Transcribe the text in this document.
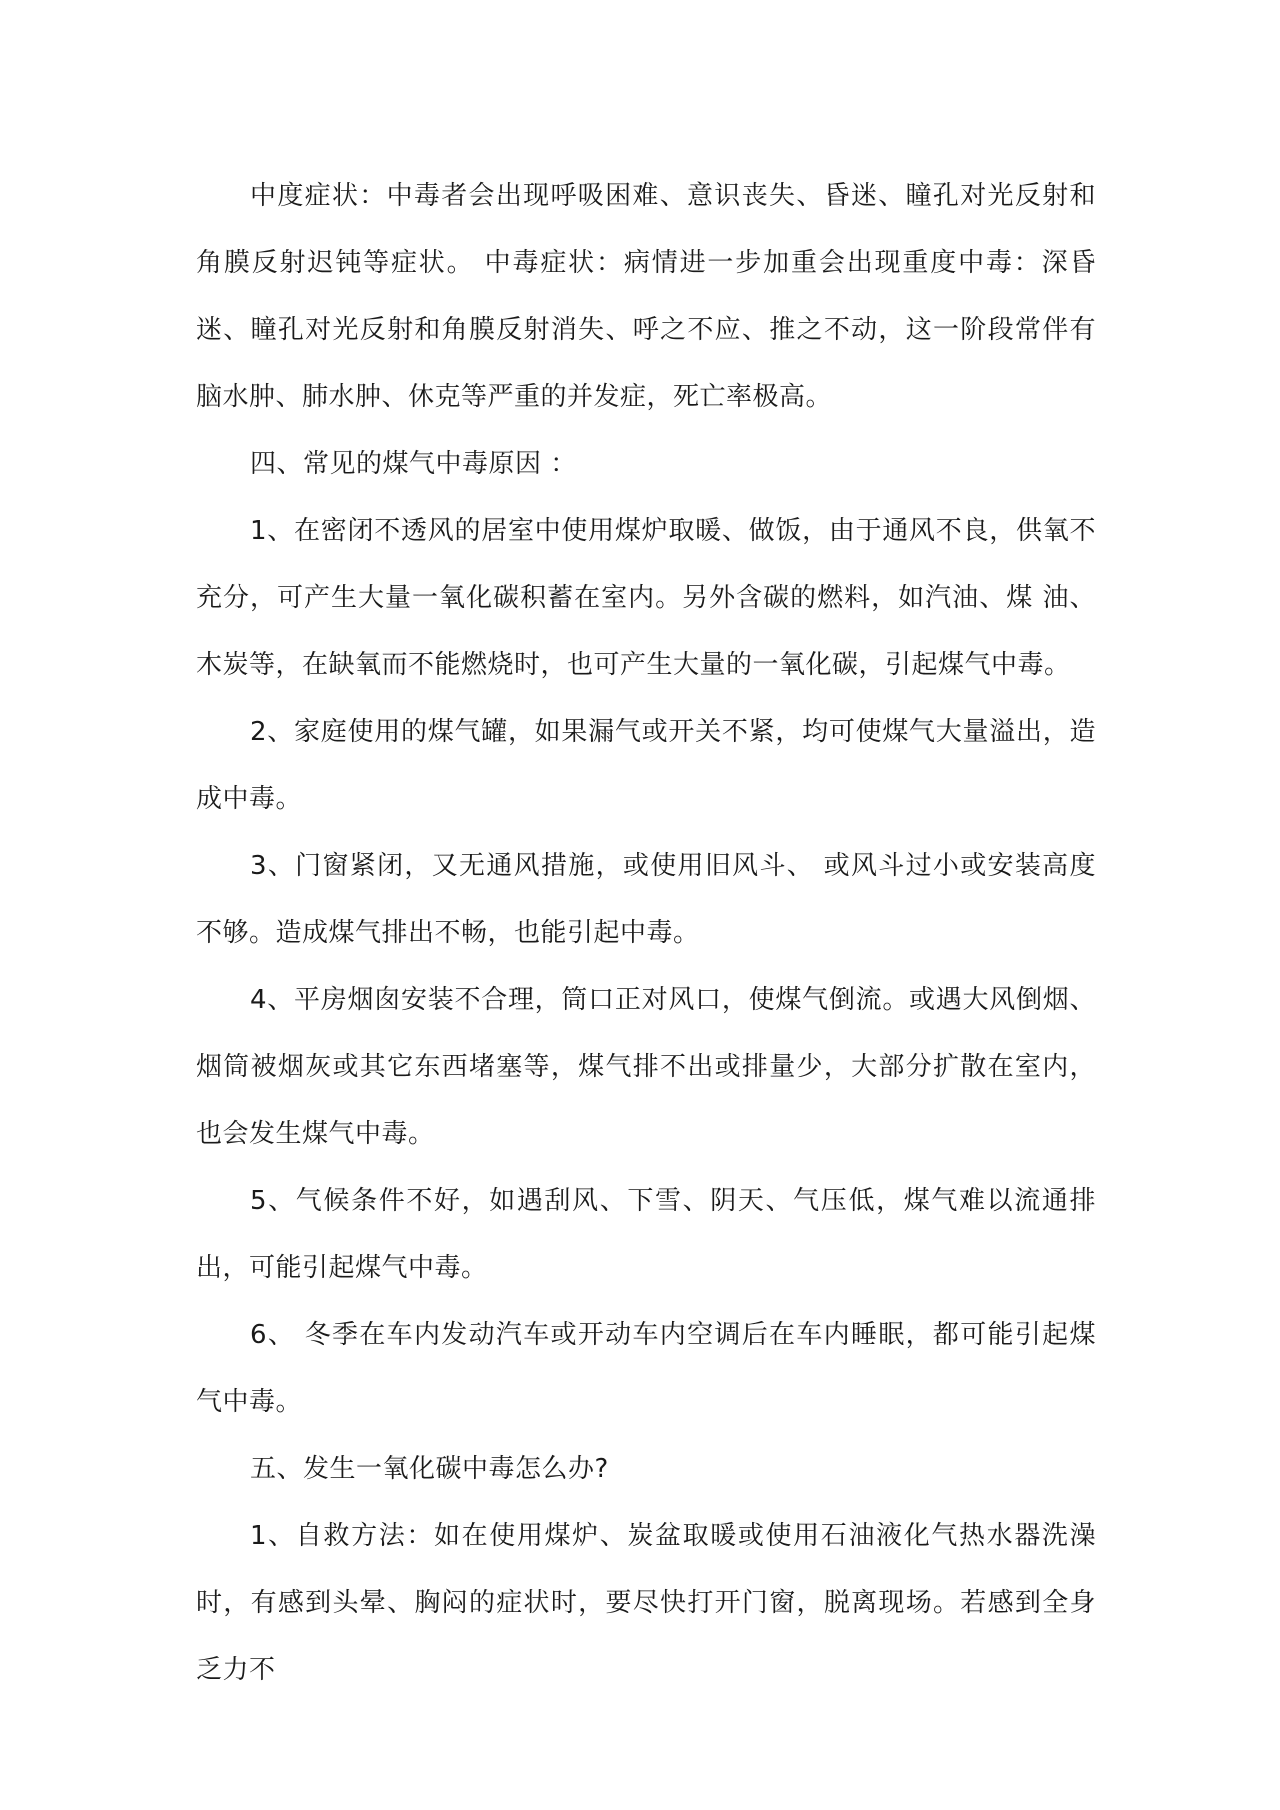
中度症状：中毒者会出现呼吸困难、意识丧失、昏迷、瞳孔对光反射和角膜反射迟钝等症状。 中毒症状：病情进一步加重会出现重度中毒：深昏迷、瞳孔对光反射和角膜反射消失、呼之不应、推之不动，这一阶段常伴有脑水肿、肺水肿、休克等严重的并发症，死亡率极高。

四、常见的煤气中毒原因 ：

1、在密闭不透风的居室中使用煤炉取暖、做饭，由于通风不良，供氧不充分，可产生大量一氧化碳积蓄在室内。另外含碳的燃料，如汽油、煤 油、木炭等，在缺氧而不能燃烧时，也可产生大量的一氧化碳，引起煤气中毒。

2、家庭使用的煤气罐，如果漏气或开关不紧，均可使煤气大量溢出，造成中毒。

3、门窗紧闭，又无通风措施，或使用旧风斗、 或风斗过小或安装高度不够。造成煤气排出不畅，也能引起中毒。

4、平房烟囱安装不合理，筒口正对风口，使煤气倒流。或遇大风倒烟、烟筒被烟灰或其它东西堵塞等，煤气排不出或排量少，大部分扩散在室内，也会发生煤气中毒。

5、气候条件不好，如遇刮风、下雪、阴天、气压低，煤气难以流通排出，可能引起煤气中毒。

6、 冬季在车内发动汽车或开动车内空调后在车内睡眠，都可能引起煤气中毒。

五、发生一氧化碳中毒怎么办?

1、自救方法：如在使用煤炉、炭盆取暖或使用石油液化气热水器洗澡时，有感到头晕、胸闷的症状时，要尽快打开门窗，脱离现场。若感到全身乏力不
